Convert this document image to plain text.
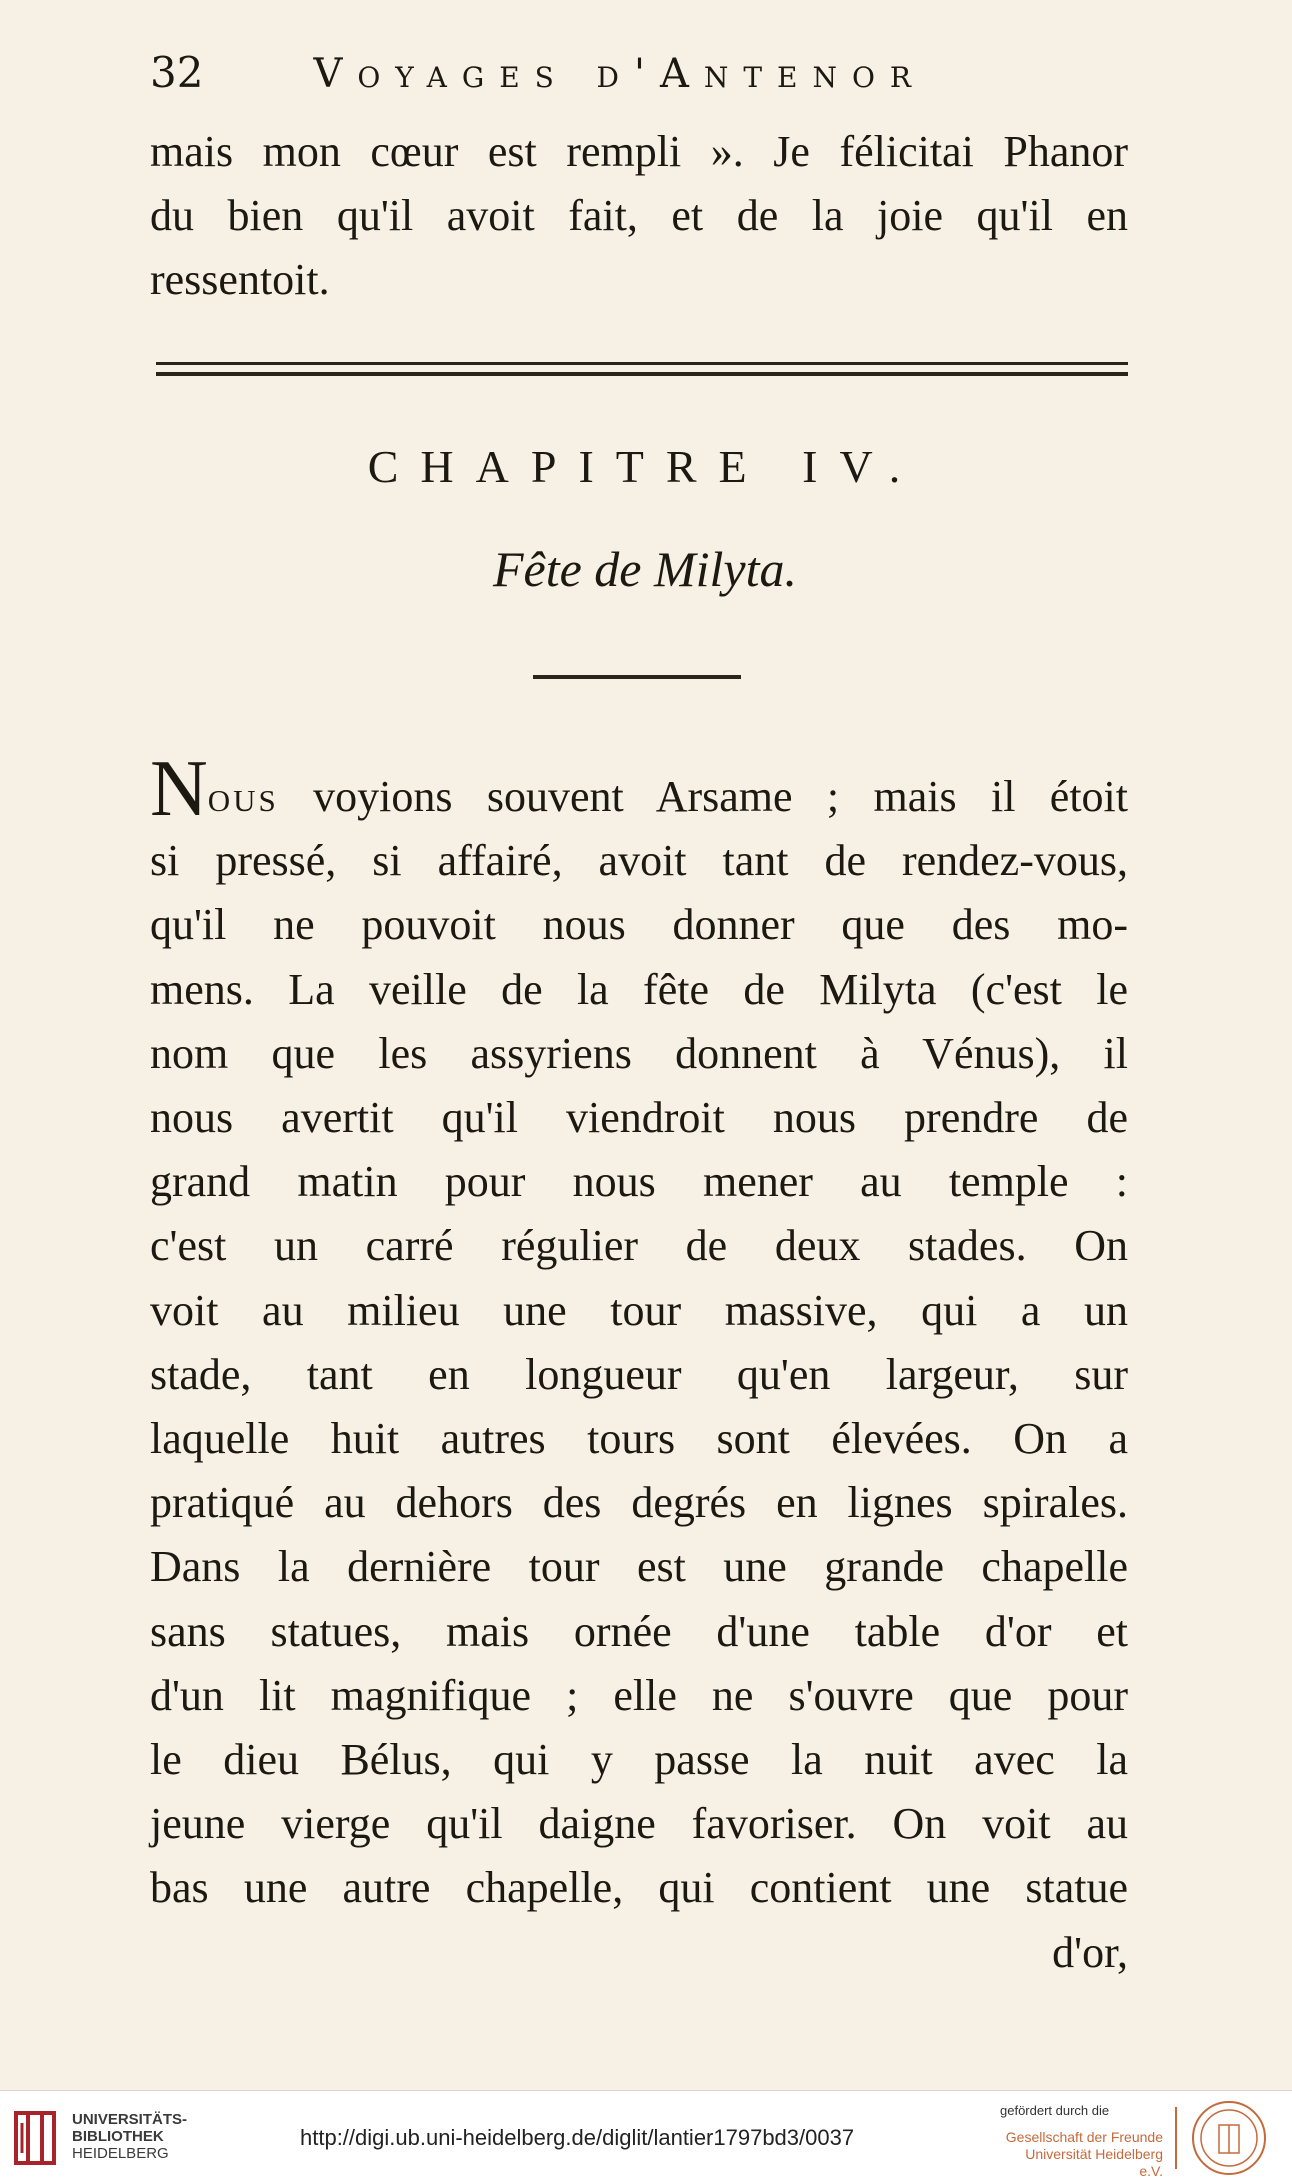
32	Voyages d'Antenor
mais mon cœur est rempli ». Je félicitai Phanor
du bien qu'il avoit fait, et de la joie qu'il en
ressentoit.
CHAPITRE IV.
Fête de Milyta.
Nous voyions souvent Arsame ; mais il étoit
si pressé, si affairé, avoit tant de rendez-vous,
qu'il ne pouvoit nous donner que des mo-
mens. La veille de la fête de Milyta (c'est le
nom que les assyriens donnent à Vénus), il
nous avertit qu'il viendroit nous prendre de
grand matin pour nous mener au temple :
c'est un carré régulier de deux stades. On
voit au milieu une tour massive, qui a un
stade, tant en longueur qu'en largeur, sur
laquelle huit autres tours sont élevées. On a
pratiqué au dehors des degrés en lignes spirales.
Dans la dernière tour est une grande chapelle
sans statues, mais ornée d'une table d'or et
d'un lit magnifique ; elle ne s'ouvre que pour
le dieu Bélus, qui y passe la nuit avec la
jeune vierge qu'il daigne favoriser. On voit au
bas une autre chapelle, qui contient une statue
d'or,
UNIVERSITÄTS-
BIBLIOTHEK
HEIDELBERG
http://digi.ub.uni-heidelberg.de/diglit/lantier1797bd3/0037
gefördert durch die
Gesellschaft der Freunde
Universität Heidelberg e.V.
